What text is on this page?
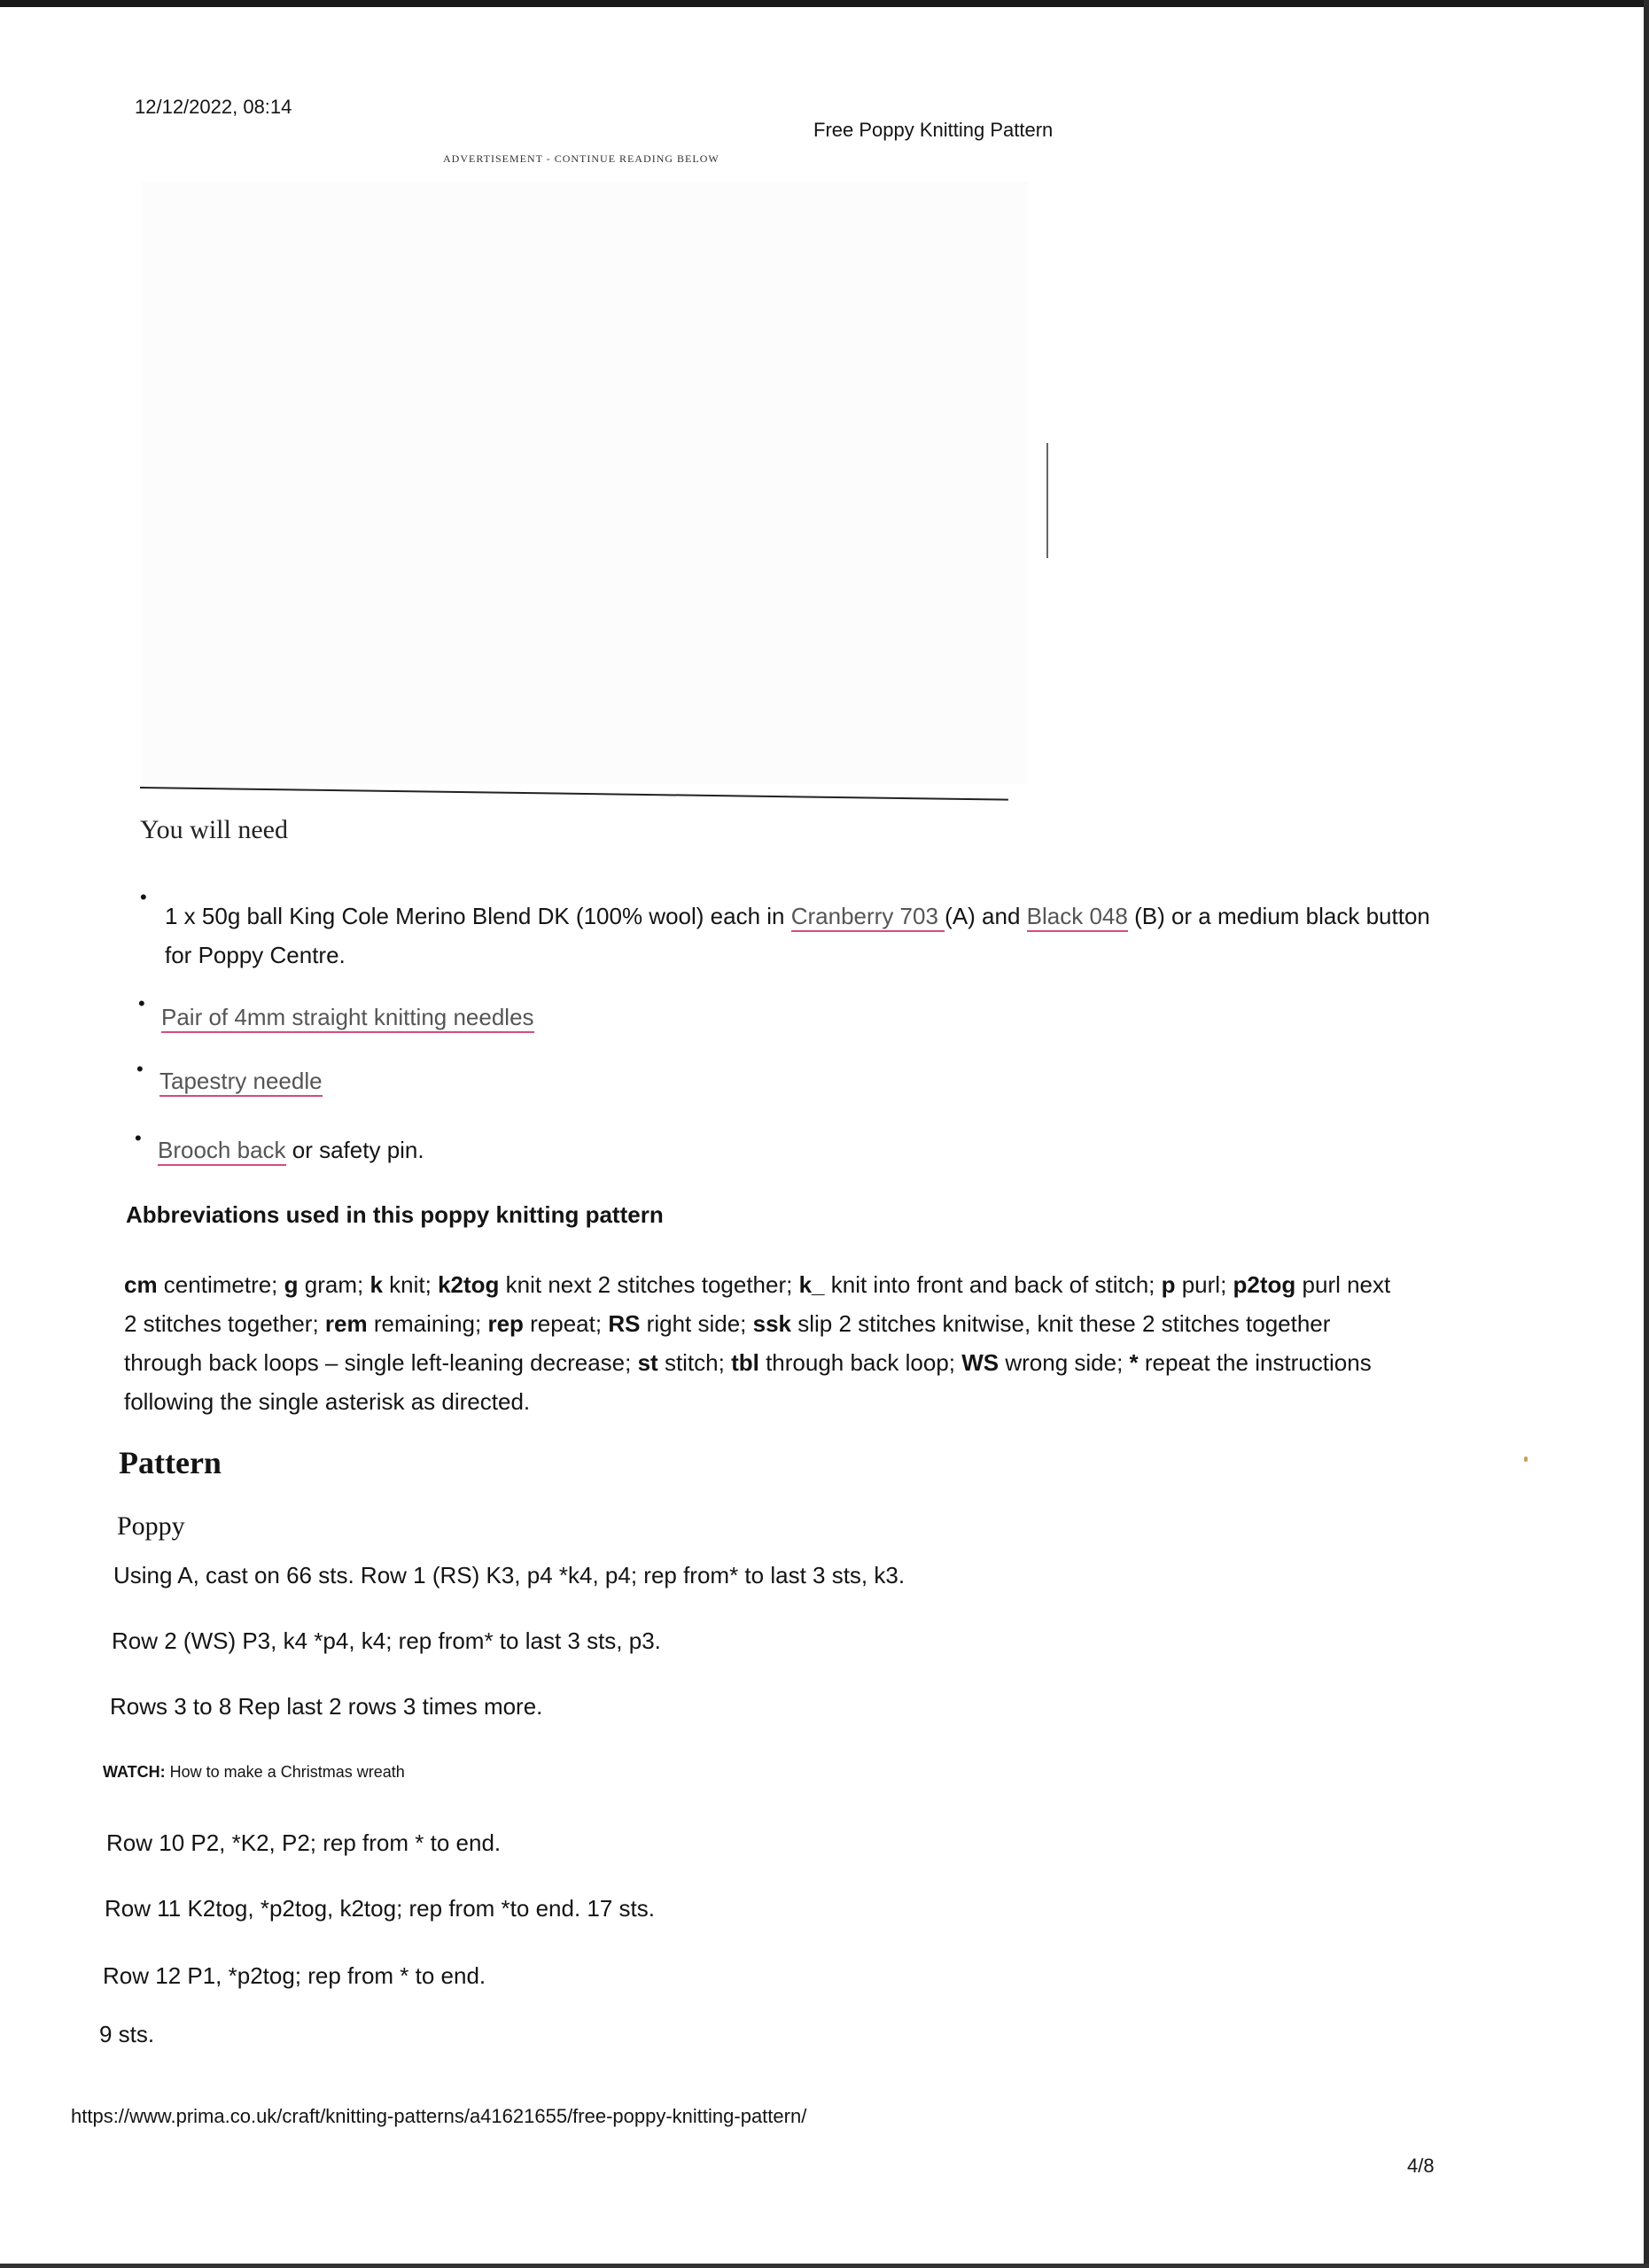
12/12/2022, 08:14
Free Poppy Knitting Pattern
ADVERTISEMENT - CONTINUE READING BELOW
You will need
•
1 x 50g ball King Cole Merino Blend DK (100% wool) each in Cranberry 703 (A) and Black 048 (B) or a medium black button for Poppy Centre.
•
Pair of 4mm straight knitting needles
• Tapestry needle
• Brooch back or safety pin.
Abbreviations used in this poppy knitting pattern
cm centimetre; g gram; k knit; k2tog knit next 2 stitches together; k_ knit into front and back of stitch; p purl; p2tog purl next 2 stitches together; rem remaining; rep repeat; RS right side; ssk slip 2 stitches knitwise, knit these 2 stitches together through back loops – single left-leaning decrease; st stitch; tbl through back loop; WS wrong side; * repeat the instructions following the single asterisk as directed.
Pattern
Poppy
Using A, cast on 66 sts. Row 1 (RS) K3, p4 *k4, p4; rep from* to last 3 sts, k3.
Row 2 (WS) P3, k4 *p4, k4; rep from* to last 3 sts, p3.
Rows 3 to 8 Rep last 2 rows 3 times more.
WATCH: How to make a Christmas wreath
Row 10 P2, *K2, P2; rep from * to end.
Row 11 K2tog, *p2tog, k2tog; rep from *to end. 17 sts.
Row 12 P1, *p2tog; rep from * to end.
9 sts.
https://www.prima.co.uk/craft/knitting-patterns/a41621655/free-poppy-knitting-pattern/
4/8
